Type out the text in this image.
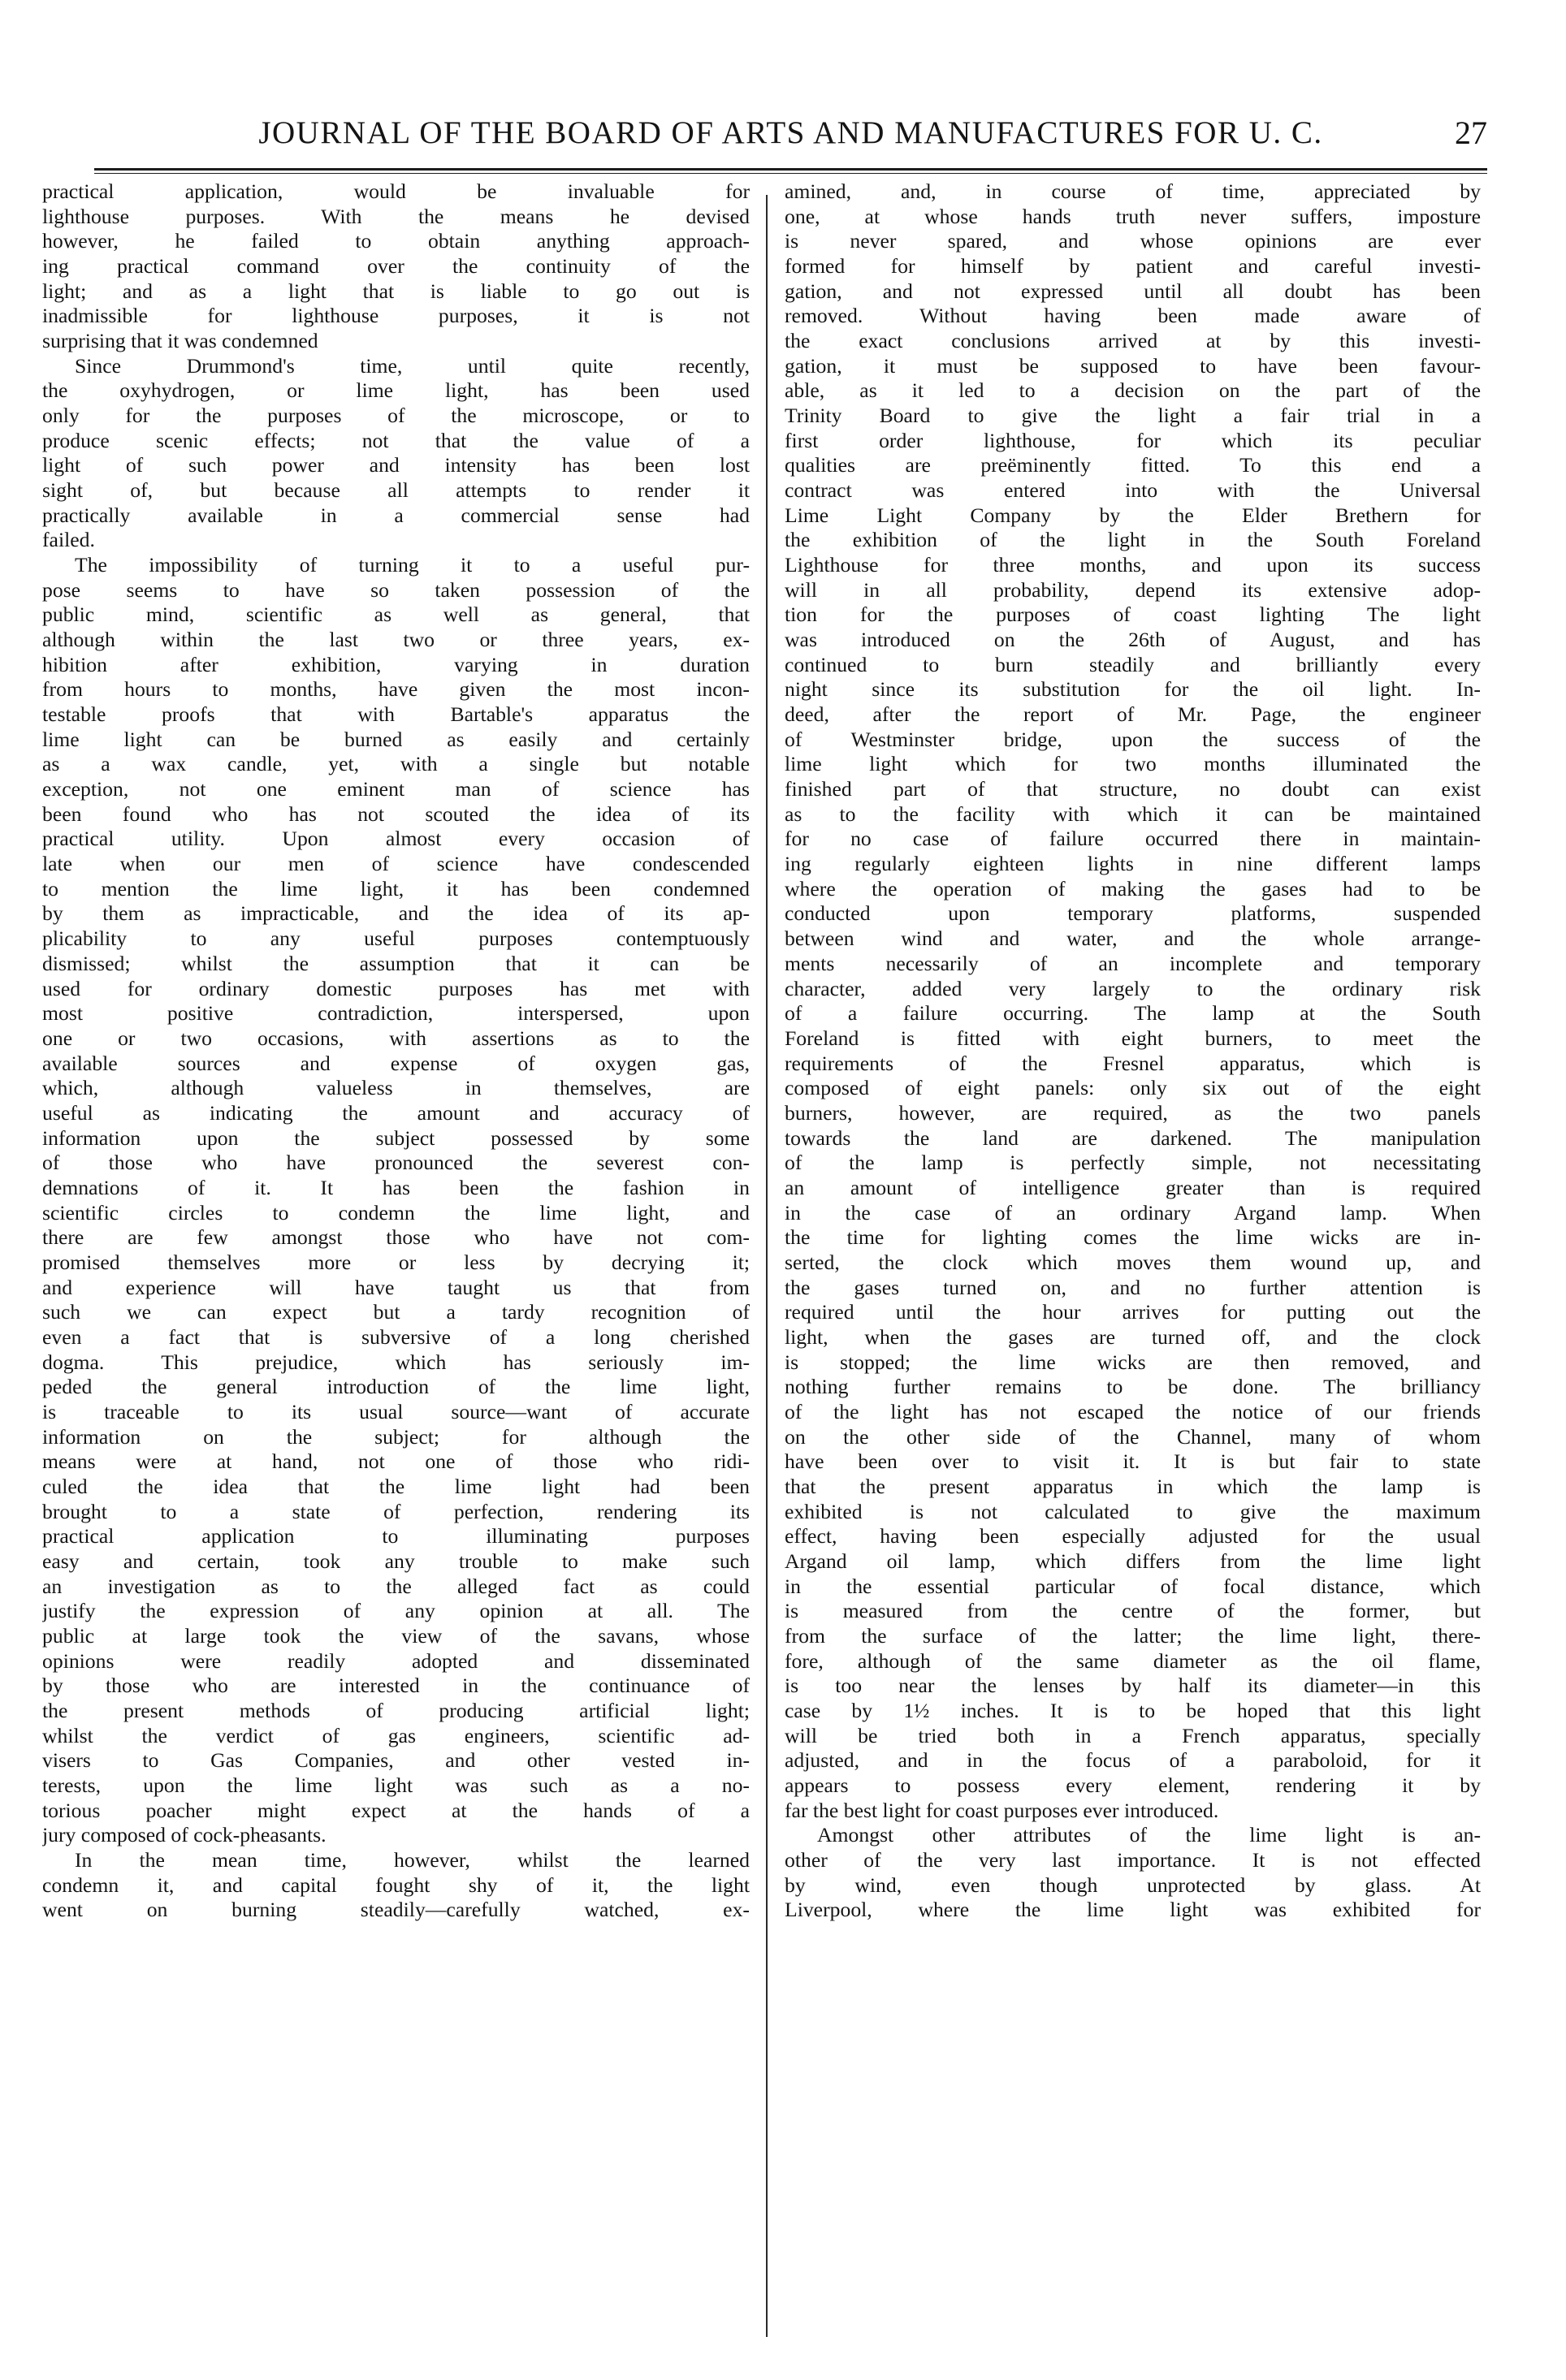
JOURNAL OF THE BOARD OF ARTS AND MANUFACTURES FOR U. C.	27
practical application, would be invaluable for
lighthouse purposes. With the means he devised
however, he failed to obtain anything approach-
ing practical command over the continuity of the
light; and as a light that is liable to go out is
inadmissible for lighthouse purposes, it is not
surprising that it was condemned
Since Drummond's time, until quite recently,
the oxyhydrogen, or lime light, has been used
only for the purposes of the microscope, or to
produce scenic effects; not that the value of a
light of such power and intensity has been lost
sight of, but because all attempts to render it
practically available in a commercial sense had
failed.
The impossibility of turning it to a useful pur-
pose seems to have so taken possession of the
public mind, scientific as well as general, that
although within the last two or three years, ex-
hibition after exhibition, varying in duration
from hours to months, have given the most incon-
testable proofs that with Bartable's apparatus the
lime light can be burned as easily and certainly
as a wax candle, yet, with a single but notable
exception, not one eminent man of science has
been found who has not scouted the idea of its
practical utility. Upon almost every occasion of
late when our men of science have condescended
to mention the lime light, it has been condemned
by them as impracticable, and the idea of its ap-
plicability to any useful purposes contemptuously
dismissed; whilst the assumption that it can be
used for ordinary domestic purposes has met with
most positive contradiction, interspersed, upon
one or two occasions, with assertions as to the
available sources and expense of oxygen gas,
which, although valueless in themselves, are
useful as indicating the amount and accuracy of
information upon the subject possessed by some
of those who have pronounced the severest con-
demnations of it. It has been the fashion in
scientific circles to condemn the lime light, and
there are few amongst those who have not com-
promised themselves more or less by decrying it;
and experience will have taught us that from
such we can expect but a tardy recognition of
even a fact that is subversive of a long cherished
dogma. This prejudice, which has seriously im-
peded the general introduction of the lime light,
is traceable to its usual source—want of accurate
information on the subject; for although the
means were at hand, not one of those who ridi-
culed the idea that the lime light had been
brought to a state of perfection, rendering its
practical application to illuminating purposes
easy and certain, took any trouble to make such
an investigation as to the alleged fact as could
justify the expression of any opinion at all. The
public at large took the view of the savans, whose
opinions were readily adopted and disseminated
by those who are interested in the continuance of
the present methods of producing artificial light;
whilst the verdict of gas engineers, scientific ad-
visers to Gas Companies, and other vested in-
terests, upon the lime light was such as a no-
torious poacher might expect at the hands of a
jury composed of cock-pheasants.
In the mean time, however, whilst the learned
condemn it, and capital fought shy of it, the light
went on burning steadily—carefully watched, ex-
amined, and, in course of time, appreciated by
one, at whose hands truth never suffers, imposture
is never spared, and whose opinions are ever
formed for himself by patient and careful investi-
gation, and not expressed until all doubt has been
removed. Without having been made aware of
the exact conclusions arrived at by this investi-
gation, it must be supposed to have been favour-
able, as it led to a decision on the part of the
Trinity Board to give the light a fair trial in a
first order lighthouse, for which its peculiar
qualities are preëminently fitted. To this end a
contract was entered into with the Universal
Lime Light Company by the Elder Brethern for
the exhibition of the light in the South Foreland
Lighthouse for three months, and upon its success
will in all probability, depend its extensive adop-
tion for the purposes of coast lighting The light
was introduced on the 26th of August, and has
continued to burn steadily and brilliantly every
night since its substitution for the oil light. In-
deed, after the report of Mr. Page, the engineer
of Westminster bridge, upon the success of the
lime light which for two months illuminated the
finished part of that structure, no doubt can exist
as to the facility with which it can be maintained
for no case of failure occurred there in maintain-
ing regularly eighteen lights in nine different lamps
where the operation of making the gases had to be
conducted upon temporary platforms, suspended
between wind and water, and the whole arrange-
ments necessarily of an incomplete and temporary
character, added very largely to the ordinary risk
of a failure occurring. The lamp at the South
Foreland is fitted with eight burners, to meet the
requirements of the Fresnel apparatus, which is
composed of eight panels: only six out of the eight
burners, however, are required, as the two panels
towards the land are darkened. The manipulation
of the lamp is perfectly simple, not necessitating
an amount of intelligence greater than is required
in the case of an ordinary Argand lamp. When
the time for lighting comes the lime wicks are in-
serted, the clock which moves them wound up, and
the gases turned on, and no further attention is
required until the hour arrives for putting out the
light, when the gases are turned off, and the clock
is stopped; the lime wicks are then removed, and
nothing further remains to be done. The brilliancy
of the light has not escaped the notice of our friends
on the other side of the Channel, many of whom
have been over to visit it. It is but fair to state
that the present apparatus in which the lamp is
exhibited is not calculated to give the maximum
effect, having been especially adjusted for the usual
Argand oil lamp, which differs from the lime light
in the essential particular of focal distance, which
is measured from the centre of the former, but
from the surface of the latter; the lime light, there-
fore, although of the same diameter as the oil flame,
is too near the lenses by half its diameter—in this
case by 1½ inches. It is to be hoped that this light
will be tried both in a French apparatus, specially
adjusted, and in the focus of a paraboloid, for it
appears to possess every element, rendering it by
far the best light for coast purposes ever introduced.
Amongst other attributes of the lime light is an-
other of the very last importance. It is not effected
by wind, even though unprotected by glass. At
Liverpool, where the lime light was exhibited for
